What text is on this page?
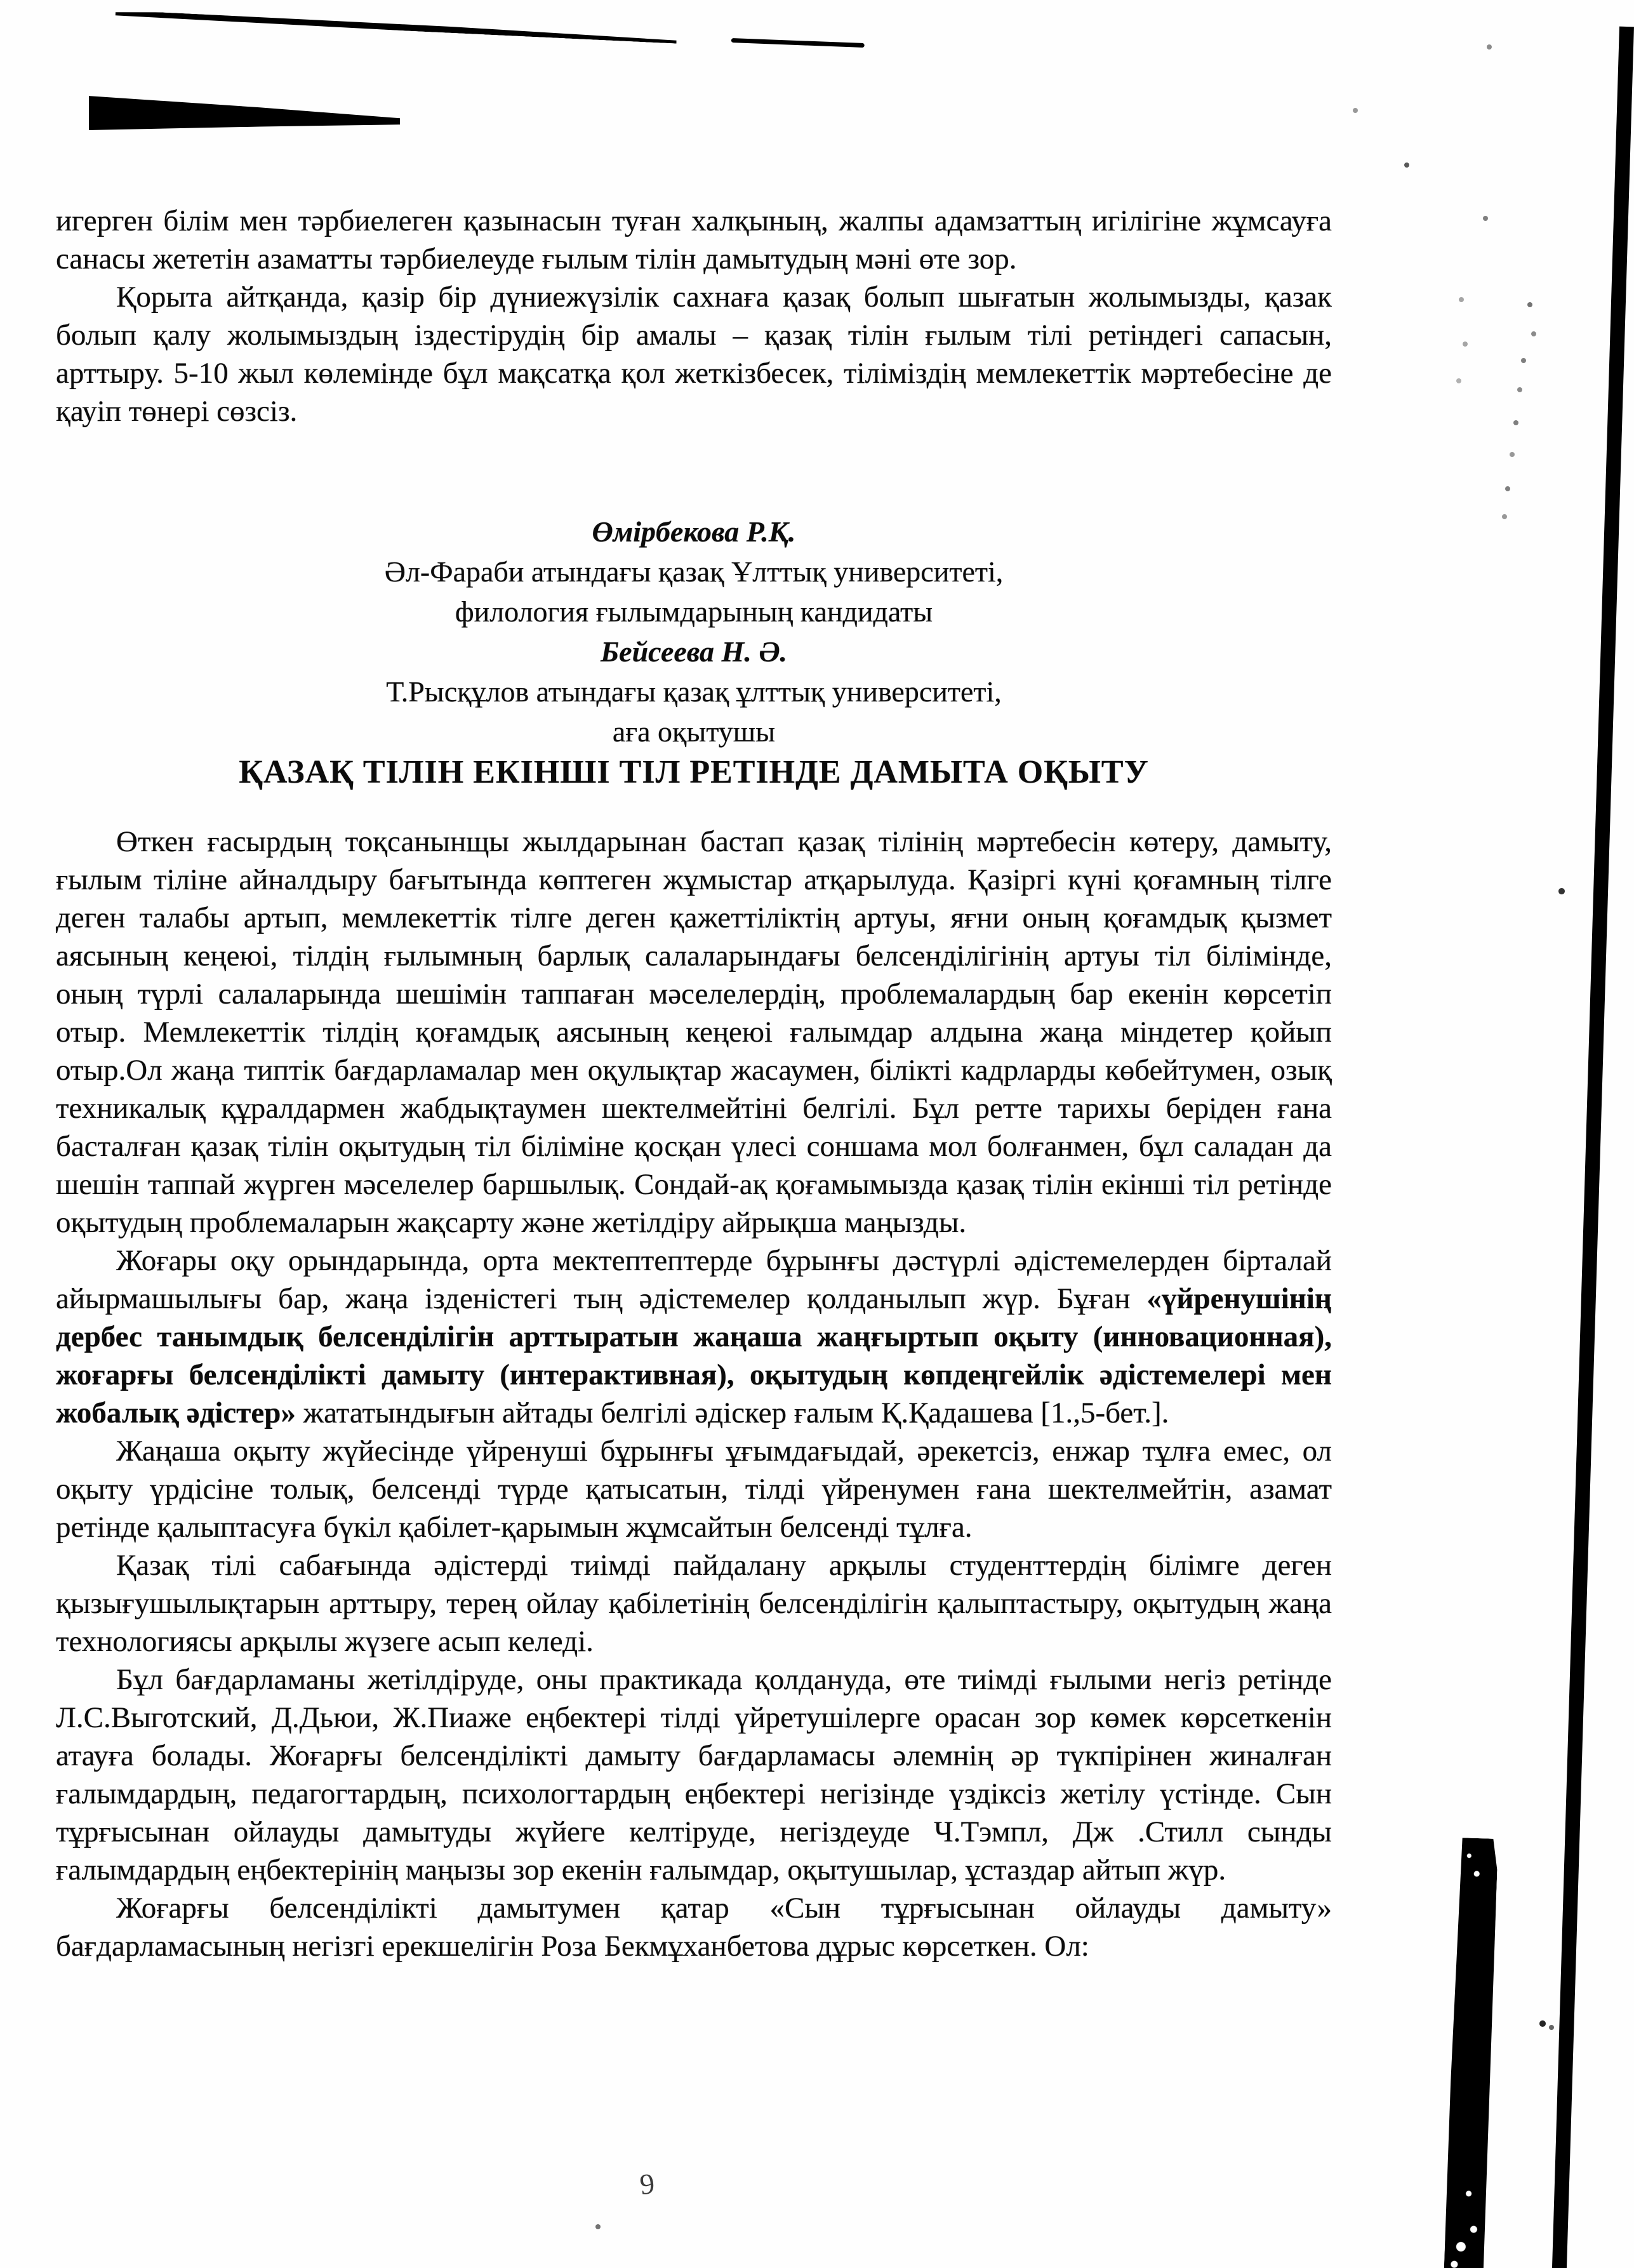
игерген білім мен тәрбиелеген қазынасын туған халқының, жалпы адамзаттың игілігіне жұмсауға санасы жететін азаматты тәрбиелеуде ғылым тілін дамытудың мәні өте зор.

Қорыта айтқанда, қазір бір дүниежүзілік сахнаға қазақ болып шығатын жолымызды, қазак болып қалу жолымыздың іздестірудің бір амалы – қазақ тілін ғылым тілі ретіндегі сапасын, арттыру. 5-10 жыл көлемінде бұл мақсатқа қол жеткізбесек, тіліміздің мемлекеттік мәртебесіне де қауіп төнері сөзсіз.

Өмірбекова Р.Қ.
Әл-Фараби атындағы қазақ Ұлттық университеті,
филология ғылымдарының кандидаты
Бейсеева Н. Ә.
Т.Рысқұлов атындағы қазақ ұлттық университеті,
аға оқытушы

ҚАЗАҚ ТІЛІН ЕКІНШІ ТІЛ РЕТІНДЕ ДАМЫТА ОҚЫТУ

Өткен ғасырдың тоқсанынщы жылдарынан бастап қазақ тілінің мәртебесін көтеру, дамыту, ғылым тіліне айналдыру бағытында көптеген жұмыстар атқарылуда. Қазіргі күні қоғамның тілге деген талабы артып, мемлекеттік тілге деген қажеттіліктің артуы, яғни оның қоғамдық қызмет аясының кеңеюі, тілдің ғылымның барлық салаларындағы белсенділігінің артуы тіл білімінде, оның түрлі салаларында шешімін таппаған мәселелердің, проблемалардың бар екенін көрсетіп отыр. Мемлекеттік тілдің қоғамдық аясының кеңеюі ғалымдар алдына жаңа міндетер қойып отыр.Ол жаңа типтік бағдарламалар мен оқулықтар жасаумен, білікті кадрларды көбейтумен, озық техникалық құралдармен жабдықтаумен шектелмейтіні белгілі. Бұл ретте тарихы беріден ғана басталған қазақ тілін оқытудың тіл біліміне қосқан үлесі соншама мол болғанмен, бұл саладан да шешін таппай жүрген мәселелер баршылық. Сондай-ақ қоғамымызда қазақ тілін екінші тіл ретінде оқытудың проблемаларын жақсарту және жетілдіру айрықша маңызды.

Жоғары оқу орындарында, орта мектептептерде бұрынғы дәстүрлі әдістемелерден бірталай айырмашылығы бар, жаңа ізденістегі тың әдістемелер қолданылып жүр. Бұған «үйренушінің дербес танымдық белсенділігін арттыратын жаңаша жаңғыртып оқыту (инновационная), жоғарғы белсенділікті дамыту (интерактивная), оқытудың көпдеңгейлік әдістемелері мен жобалық әдістер» жататындығын айтады белгілі әдіскер ғалым Қ.Қадашева [1.,5-бет.].

Жаңаша оқыту жүйесінде үйренуші бұрынғы ұғымдағыдай, әрекетсіз, енжар тұлға емес, ол оқыту үрдісіне толық, белсенді түрде қатысатын, тілді үйренумен ғана шектелмейтін, азамат ретінде қалыптасуға бүкіл қабілет-қарымын жұмсайтын белсенді тұлға.

Қазақ тілі сабағында әдістерді тиімді пайдалану арқылы студенттердің білімге деген қызығушылықтарын арттыру, терең ойлау қабілетінің белсенділігін қалыптастыру, оқытудың жаңа технологиясы арқылы жүзеге асып келеді.

Бұл бағдарламаны жетілдіруде, оны практикада қолдануда, өте тиімді ғылыми негіз ретінде Л.С.Выготский, Д.Дьюи, Ж.Пиаже еңбектері тілді үйретушілерге орасан зор көмек көрсеткенін атауға болады. Жоғарғы белсенділікті дамыту бағдарламасы әлемнің әр түкпірінен жиналған ғалымдардың, педагогтардың, психологтардың еңбектері негізінде үздіксіз жетілу үстінде. Сын тұрғысынан ойлауды дамытуды жүйеге келтіруде, негіздеуде Ч.Тэмпл, Дж .Стилл сынды ғалымдардың еңбектерінің маңызы зор екенін ғалымдар, оқытушылар, ұстаздар айтып жүр.

Жоғарғы белсенділікті дамытумен қатар «Сын тұрғысынан ойлауды дамыту» бағдарламасының негізгі ерекшелігін Роза Бекмұханбетова дұрыс көрсеткен. Ол:

9
